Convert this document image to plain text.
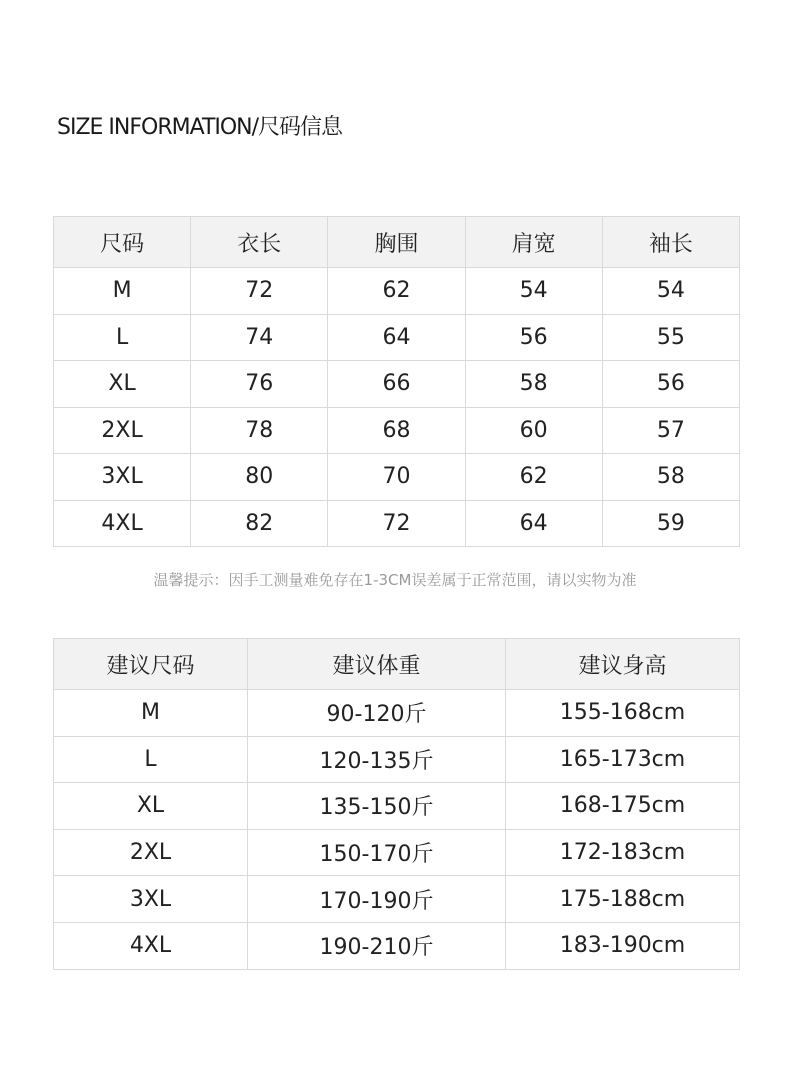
SIZE INFORMATION/尺码信息
尺码	衣长	胸围	肩宽	袖长
M	72	62	54	54
L	74	64	56	55
XL	76	66	58	56
2XL	78	68	60	57
3XL	80	70	62	58
4XL	82	72	64	59
温馨提示：因手工测量难免存在1-3CM误差属于正常范围，请以实物为准
建议尺码	建议体重	建议身高
M	90-120斤	155-168cm
L	120-135斤	165-173cm
XL	135-150斤	168-175cm
2XL	150-170斤	172-183cm
3XL	170-190斤	175-188cm
4XL	190-210斤	183-190cm
